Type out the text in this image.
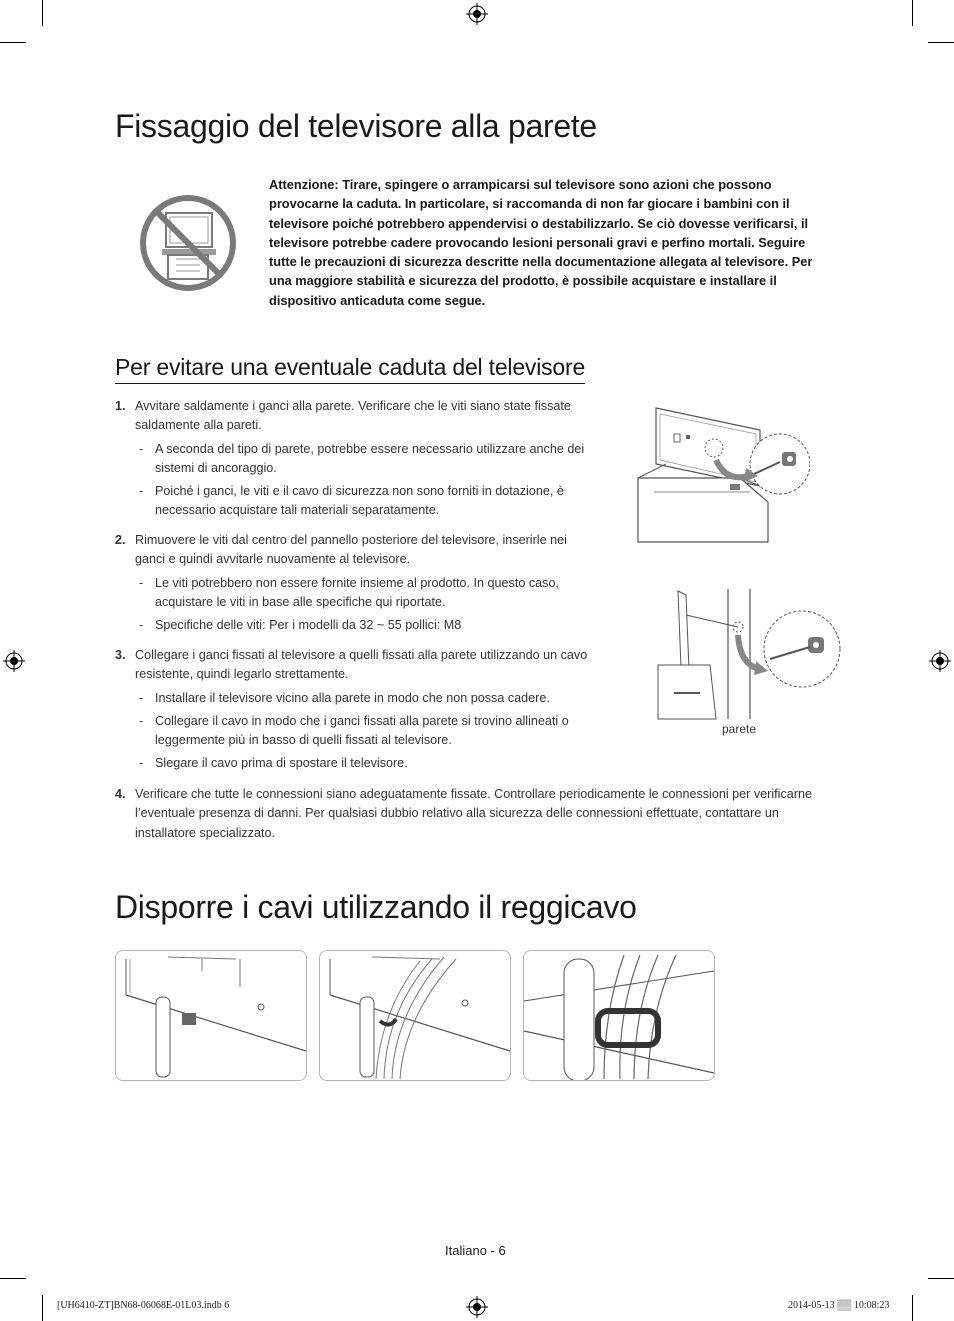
Fissaggio del televisore alla parete
Attenzione: Tirare, spingere o arrampicarsi sul televisore sono azioni che possono provocarne la caduta. In particolare, si raccomanda di non far giocare i bambini con il televisore poiché potrebbero appendervisi o destabilizzarlo. Se ciò dovesse verificarsi, il televisore potrebbe cadere provocando lesioni personali gravi e perfino mortali. Seguire tutte le precauzioni di sicurezza descritte nella documentazione allegata al televisore. Per una maggiore stabilità e sicurezza del prodotto, è possibile acquistare e installare il dispositivo anticaduta come segue.
Per evitare una eventuale caduta del televisore
1. Avvitare saldamente i ganci alla parete. Verificare che le viti siano state fissate saldamente alla pareti.
- A seconda del tipo di parete, potrebbe essere necessario utilizzare anche dei sistemi di ancoraggio.
- Poiché i ganci, le viti e il cavo di sicurezza non sono forniti in dotazione, è necessario acquistare tali materiali separatamente.
2. Rimuovere le viti dal centro del pannello posteriore del televisore, inserirle nei ganci e quindi avvitarle nuovamente al televisore.
- Le viti potrebbero non essere fornite insieme al prodotto. In questo caso, acquistare le viti in base alle specifiche qui riportate.
- Specifiche delle viti: Per i modelli da 32 ~ 55 pollici: M8
3. Collegare i ganci fissati al televisore a quelli fissati alla parete utilizzando un cavo resistente, quindi legarlo strettamente.
- Installare il televisore vicino alla parete in modo che non possa cadere.
- Collegare il cavo in modo che i ganci fissati alla parete si trovino allineati o leggermente più in basso di quelli fissati al televisore.
- Slegare il cavo prima di spostare il televisore.
4. Verificare che tutte le connessioni siano adeguatamente fissate. Controllare periodicamente le connessioni per verificarne l’eventuale presenza di danni. Per qualsiasi dubbio relativo alla sicurezza delle connessioni effettuate, contattare un installatore specializzato.
parete
Disporre i cavi utilizzando il reggicavo
Italiano - 6
[UH6410-ZT]BN68-06068E-01L03.indb 6	2014-05-13 ▒▒ 10:08:23
